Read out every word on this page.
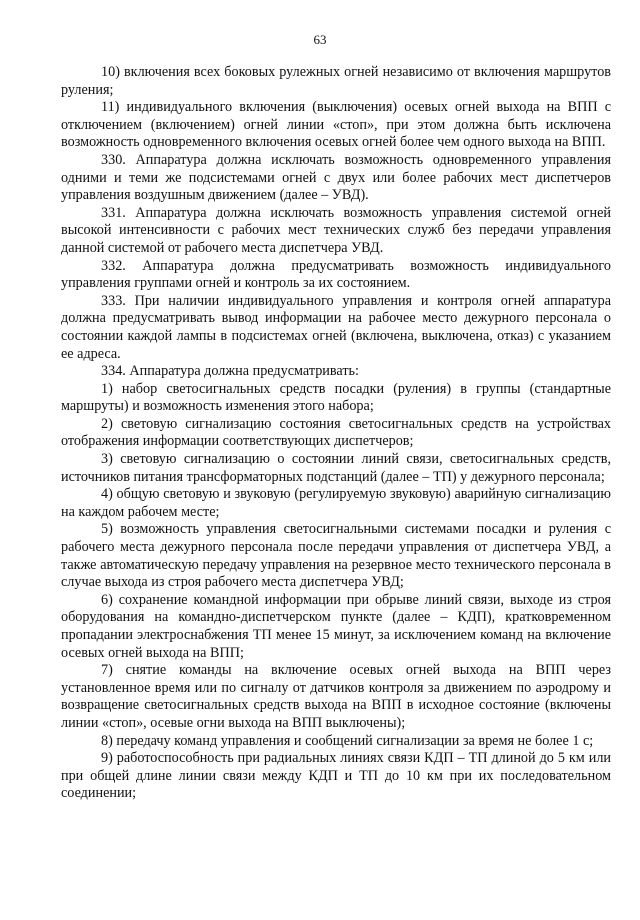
63

10) включения всех боковых рулежных огней независимо от включения маршрутов руления;

11) индивидуального включения (выключения) осевых огней выхода на ВПП с отключением (включением) огней линии «стоп», при этом должна быть исключена возможность одновременного включения осевых огней более чем одного выхода на ВПП.

330. Аппаратура должна исключать возможность одновременного управления одними и теми же подсистемами огней с двух или более рабочих мест диспетчеров управления воздушным движением (далее – УВД).

331. Аппаратура должна исключать возможность управления системой огней высокой интенсивности с рабочих мест технических служб без передачи управления данной системой от рабочего места диспетчера УВД.

332. Аппаратура должна предусматривать возможность индивидуального управления группами огней и контроль за их состоянием.

333. При наличии индивидуального управления и контроля огней аппаратура должна предусматривать вывод информации на рабочее место дежурного персонала о состоянии каждой лампы в подсистемах огней (включена, выключена, отказ) с указанием ее адреса.

334. Аппаратура должна предусматривать:

1) набор светосигнальных средств посадки (руления) в группы (стандартные маршруты) и возможность изменения этого набора;

2) световую сигнализацию состояния светосигнальных средств на устройствах отображения информации соответствующих диспетчеров;

3) световую сигнализацию о состоянии линий связи, светосигнальных средств, источников питания трансформаторных подстанций (далее – ТП) у дежурного персонала;

4) общую световую и звуковую (регулируемую звуковую) аварийную сигнализацию на каждом рабочем месте;

5) возможность управления светосигнальными системами посадки и руления с рабочего места дежурного персонала после передачи управления от диспетчера УВД, а также автоматическую передачу управления на резервное место технического персонала в случае выхода из строя рабочего места диспетчера УВД;

6) сохранение командной информации при обрыве линий связи, выходе из строя оборудования на командно-диспетчерском пункте (далее – КДП), кратковременном пропадании электроснабжения ТП менее 15 минут, за исключением команд на включение осевых огней выхода на ВПП;

7) снятие команды на включение осевых огней выхода на ВПП через установленное время или по сигналу от датчиков контроля за движением по аэродрому и возвращение светосигнальных средств выхода на ВПП в исходное состояние (включены линии «стоп», осевые огни выхода на ВПП выключены);

8) передачу команд управления и сообщений сигнализации за время не более 1 с;

9) работоспособность при радиальных линиях связи КДП – ТП длиной до 5 км или при общей длине линии связи между КДП и ТП до 10 км при их последовательном соединении;
